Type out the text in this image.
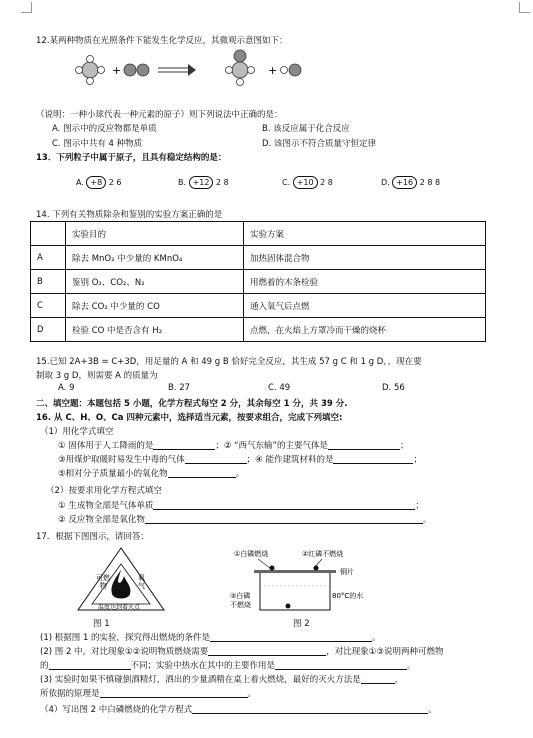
12.某两种物质在光照条件下能发生化学反应，其微观示意图如下：
+	+
（说明：一种小球代表一种元素的原子）则下列说法中正确的是：
A. 图示中的反应物都是单质	B. 该反应属于化合反应
C. 图示中共有 4 种物质	D. 该图示不符合质量守恒定律
13．下列粒子中属于原子，且具有稳定结构的是：
A. +8 2 6	B. +12 2 8	C. +10 2 8	D. +16 2 8 8
14. 下列有关物质除杂和鉴别的实验方案正确的是
	实验目的	实验方案
A	除去 MnO₂ 中少量的 KMnO₄	加热固体混合物
B	鉴别 O₂、CO₂、N₂	用燃着的木条检验
C	除去 CO₂ 中少量的 CO	通入氧气后点燃
D	检验 CO 中是否含有 H₂	点燃，在火焰上方罩冷而干燥的烧杯
15.已知 2A+3B = C+3D，用足量的 A 和 49 g B 恰好完全反应，其生成 57 g C 和 1 g D，，现在要
制取 3 g D，则需要 A 的质量为
A. 9	B. 27	C. 49	D. 56
二、填空题：本题包括 5 小题，化学方程式每空 2 分，其余每空 1 分，共 39 分.
16. 从 C、H、O、Ca 四种元素中，选择适当元素，按要求组合，完成下列填空:
（1）用化学式填空
① 固体用于人工降雨的是	；② “西气东输”的主要气体是	；
③用煤炉取暖时易发生中毒的气体	；④ 能作建筑材料的是	；
⑤相对分子质量最小的氧化物	。
（2）按要求用化学方程式填空
① 生成物全部是气体单质	；
② 反应物全部是氧化物	。
17．根据下图图示，请回答：
可燃
物
氧
气
温度达到着火点
①白磷燃烧	②红磷不燃烧
铜片
③白磷
不燃烧
80°C的水
图 1	图 2
(1) 根据图 1 的实验，探究得出燃烧的条件是	。
(2) 图 2 中，对比现象①②说明物质燃烧需要	，对比现象①③说明两种可燃物
的	不同；实验中热水在其中的主要作用是	。
(3) 实验时如果不慎碰倒酒精灯，洒出的少量酒精在桌上着火燃烧，最好的灭火方法是	，
所依据的原理是	。
（4）写出图 2 中白磷燃烧的化学方程式	。
